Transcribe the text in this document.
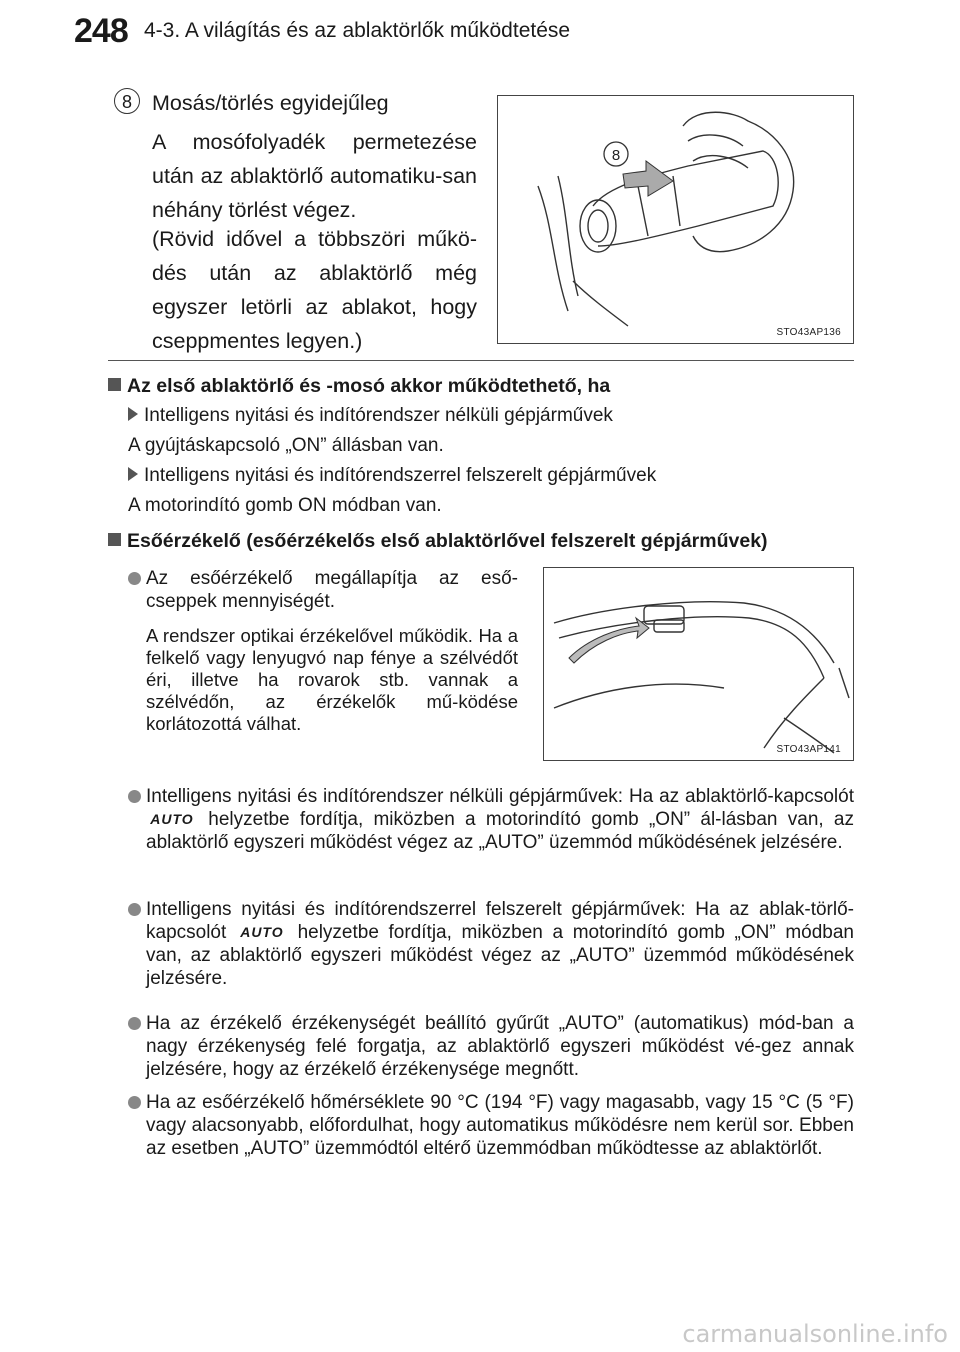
248 4-3. A világítás és az ablaktörlők működtetése
8 Mosás/törlés egyidejűleg
A mosófolyadék permetezése után az ablaktörlő automatiku-san néhány törlést végez.
(Rövid idővel a többszöri műkö-dés után az ablaktörlő még egyszer letörli az ablakot, hogy cseppmentes legyen.)
8
STO43AP136
Az első ablaktörlő és -mosó akkor működtethető, ha
Intelligens nyitási és indítórendszer nélküli gépjárművek
A gyújtáskapcsoló „ON” állásban van.
Intelligens nyitási és indítórendszerrel felszerelt gépjárművek
A motorindító gomb ON módban van.
Esőérzékelő (esőérzékelős első ablaktörlővel felszerelt gépjárművek)
Az esőérzékelő megállapítja az eső-cseppek mennyiségét.
A rendszer optikai érzékelővel működik. Ha a felkelő vagy lenyugvó nap fénye a szélvédőt éri, illetve ha rovarok stb. vannak a szélvédőn, az érzékelők mű-ködése korlátozottá válhat.
STO43AP141
Intelligens nyitási és indítórendszer nélküli gépjárművek: Ha az ablaktörlő-kapcsolót AUTO helyzetbe fordítja, miközben a motorindító gomb „ON” ál-lásban van, az ablaktörlő egyszeri működést végez az „AUTO” üzemmód működésének jelzésére.
Intelligens nyitási és indítórendszerrel felszerelt gépjárművek: Ha az ablak-törlő-kapcsolót AUTO helyzetbe fordítja, miközben a motorindító gomb „ON” módban van, az ablaktörlő egyszeri működést végez az „AUTO” üzemmód működésének jelzésére.
Ha az érzékelő érzékenységét beállító gyűrűt „AUTO” (automatikus) mód-ban a nagy érzékenység felé forgatja, az ablaktörlő egyszeri működést vé-gez annak jelzésére, hogy az érzékelő érzékenysége megnőtt.
Ha az esőérzékelő hőmérséklete 90 °C (194 °F) vagy magasabb, vagy 15 °C (5 °F) vagy alacsonyabb, előfordulhat, hogy automatikus működésre nem kerül sor. Ebben az esetben „AUTO” üzemmódtól eltérő üzemmódban működtesse az ablaktörlőt.
carmanualsonline.info
